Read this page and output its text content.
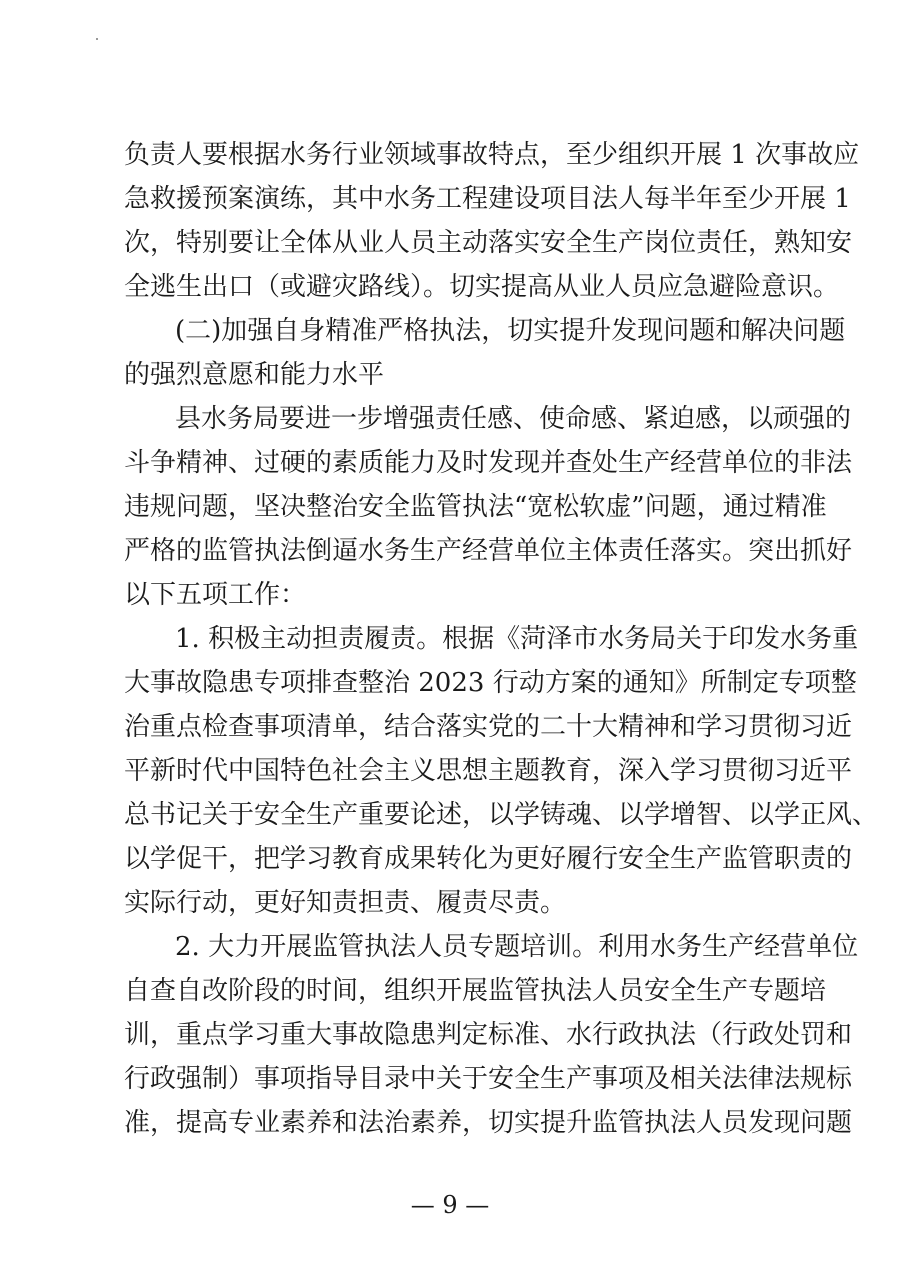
负责人要根据水务行业领域事故特点，至少组织开展 1 次事故应
急救援预案演练，其中水务工程建设项目法人每半年至少开展 1
次，特别要让全体从业人员主动落实安全生产岗位责任，熟知安
全逃生出口（或避灾路线）。切实提高从业人员应急避险意识。
(二)加强自身精准严格执法，切实提升发现问题和解决问题
的强烈意愿和能力水平
县水务局要进一步增强责任感、使命感、紧迫感，以顽强的
斗争精神、过硬的素质能力及时发现并查处生产经营单位的非法
违规问题，坚决整治安全监管执法“宽松软虚”问题，通过精准
严格的监管执法倒逼水务生产经营单位主体责任落实。突出抓好
以下五项工作：
1. 积极主动担责履责。根据《菏泽市水务局关于印发水务重
大事故隐患专项排查整治 2023 行动方案的通知》所制定专项整
治重点检查事项清单，结合落实党的二十大精神和学习贯彻习近
平新时代中国特色社会主义思想主题教育，深入学习贯彻习近平
总书记关于安全生产重要论述，以学铸魂、以学增智、以学正风、
以学促干，把学习教育成果转化为更好履行安全生产监管职责的
实际行动，更好知责担责、履责尽责。
2. 大力开展监管执法人员专题培训。利用水务生产经营单位
自查自改阶段的时间，组织开展监管执法人员安全生产专题培
训，重点学习重大事故隐患判定标准、水行政执法（行政处罚和
行政强制）事项指导目录中关于安全生产事项及相关法律法规标
准，提高专业素养和法治素养，切实提升监管执法人员发现问题
— 9 —
